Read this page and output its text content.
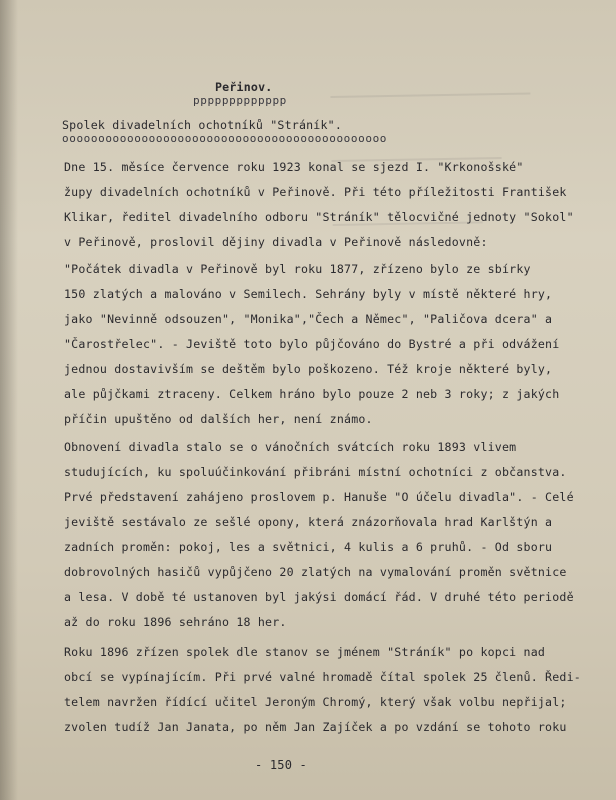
Peřinov.
ppppppppppppp
Spolek divadelních ochotníků "Stráník".
ooooooooooooooooooooooooooooooooooooooooooooo
Dne 15. měsíce července roku 1923 konal se sjezd I. "Krkonošské"
župy divadelních ochotníků v Peřinově. Při této příležitosti František
Klikar, ředitel divadelního odboru "Stráník" tělocvičné jednoty "Sokol"
v Peřinově, proslovil dějiny divadla v Peřinově následovně:
"Počátek divadla v Peřinově byl roku 1877, zřízeno bylo ze sbírky
150 zlatých a malováno v Semilech. Sehrány byly v místě některé hry,
jako "Nevinně odsouzen", "Monika","Čech a Němec", "Paličova dcera" a
"Čarostřelec". - Jeviště toto bylo půjčováno do Bystré a při odvážení
jednou dostavivším se deštěm bylo poškozeno. Též kroje některé byly,
ale půjčkami ztraceny. Celkem hráno bylo pouze 2 neb 3 roky; z jakých
příčin upuštěno od dalších her, není známo.
Obnovení divadla stalo se o vánočních svátcích roku 1893 vlivem
studujících, ku spoluúčinkování přibráni místní ochotníci z občanstva.
Prvé představení zahájeno proslovem p. Hanuše "O účelu divadla". - Celé
jeviště sestávalo ze sešlé opony, která znázorňovala hrad Karlštýn a
zadních proměn: pokoj, les a světnici, 4 kulis a 6 pruhů. - Od sboru
dobrovolných hasičů vypůjčeno 20 zlatých na vymalování proměn světnice
a lesa. V době té ustanoven byl jakýsi domácí řád. V druhé této periodě
až do roku 1896 sehráno 18 her.
Roku 1896 zřízen spolek dle stanov se jménem "Stráník" po kopci nad
obcí se vypínajícím. Při prvé valné hromadě čítal spolek 25 členů. Ředi-
telem navržen řídící učitel Jeroným Chromý, který však volbu nepřijal;
zvolen tudíž Jan Janata, po něm Jan Zajíček a po vzdání se tohoto roku
- 150 -
